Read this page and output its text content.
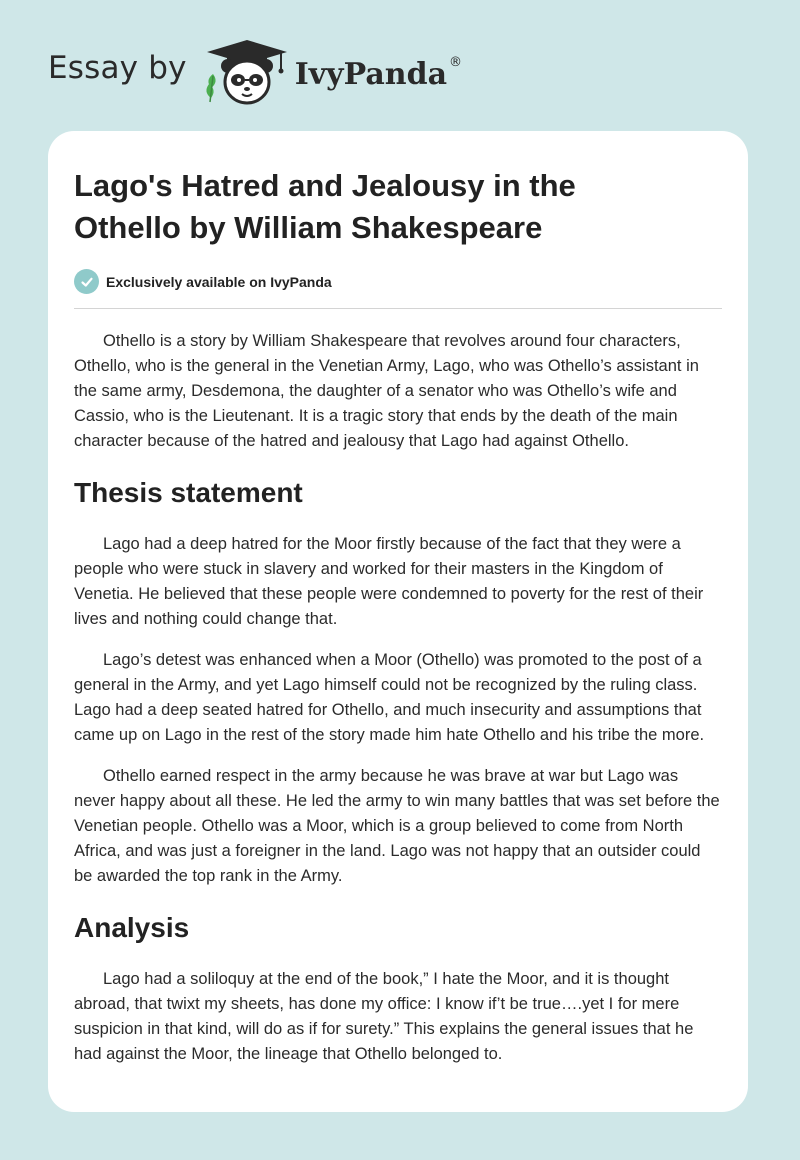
Essay by	IvyPanda ®
Lago's Hatred and Jealousy in the
Othello by William Shakespeare
Exclusively available on IvyPanda

Othello is a story by William Shakespeare that revolves around four characters, Othello, who is the general in the Venetian Army, Lago, who was Othello’s assistant in the same army, Desdemona, the daughter of a senator who was Othello’s wife and Cassio, who is the Lieutenant. It is a tragic story that ends by the death of the main character because of the hatred and jealousy that Lago had against Othello.

Thesis statement

Lago had a deep hatred for the Moor firstly because of the fact that they were a people who were stuck in slavery and worked for their masters in the Kingdom of Venetia. He believed that these people were condemned to poverty for the rest of their lives and nothing could change that.

Lago’s detest was enhanced when a Moor (Othello) was promoted to the post of a general in the Army, and yet Lago himself could not be recognized by the ruling class. Lago had a deep seated hatred for Othello, and much insecurity and assumptions that came up on Lago in the rest of the story made him hate Othello and his tribe the more.

Othello earned respect in the army because he was brave at war but Lago was never happy about all these. He led the army to win many battles that was set before the Venetian people. Othello was a Moor, which is a group believed to come from North Africa, and was just a foreigner in the land. Lago was not happy that an outsider could be awarded the top rank in the Army.

Analysis

Lago had a soliloquy at the end of the book,” I hate the Moor, and it is thought abroad, that twixt my sheets, has done my office: I know if’t be true….yet I for mere suspicion in that kind, will do as if for surety.” This explains the general issues that he had against the Moor, the lineage that Othello belonged to.
